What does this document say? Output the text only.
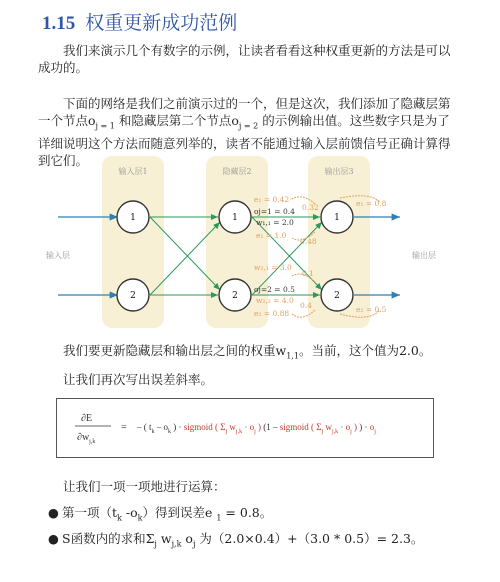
1.15 权重更新成功范例
我们来演示几个有数字的示例，让读者看看这种权重更新的方法是可以成功的。
下面的网络是我们之前演示过的一个，但是这次，我们添加了隐藏层第一个节点$o_{j = 1}$ 和隐藏层第二个节点$o_{j = 2}$ 的示例输出值。这些数字只是为了详细说明这个方法而随意列举的，读者不能通过输入层前馈信号正确计算得到它们。
输入层1	隐藏层2	输出层3
输入层	输出层
1
2
1
2
1
2
e₁ = 0.42
oj=1 = 0.4
w₁,₁ = 2.0
e₁ = 1.0
w₂,₁ = 3.0
oj=2 = 0.5
w₂,₂ = 4.0
e₂ = 0.88
e₁ = 0.8
e₂ = 0.5
0.32
0.48
0.1
0.4
我们要更新隐藏层和输出层之间的权重$w_{1,1}$。当前，这个值为2.0。
让我们再次写出误差斜率。
∂E
$\partial w_{j,k}$
= – ( $t_k - o_k$ ) · sigmoid ( $\Sigma_j$ $w_{j,k} \cdot o_j$ ) (1 – sigmoid ( $\Sigma_j$ $w_{j,k} \cdot o_j$ ) ) · $o_j$
让我们一项一项地进行运算：
● 第一项（$t_k$ $-o_k$）得到误差e $_1$ = 0.8。
● S函数内的求和$\Sigma_j$ $w_{j,k}$ $o_j$ 为（2.0×0.4）+（3.0 * 0.5）= 2.3。
